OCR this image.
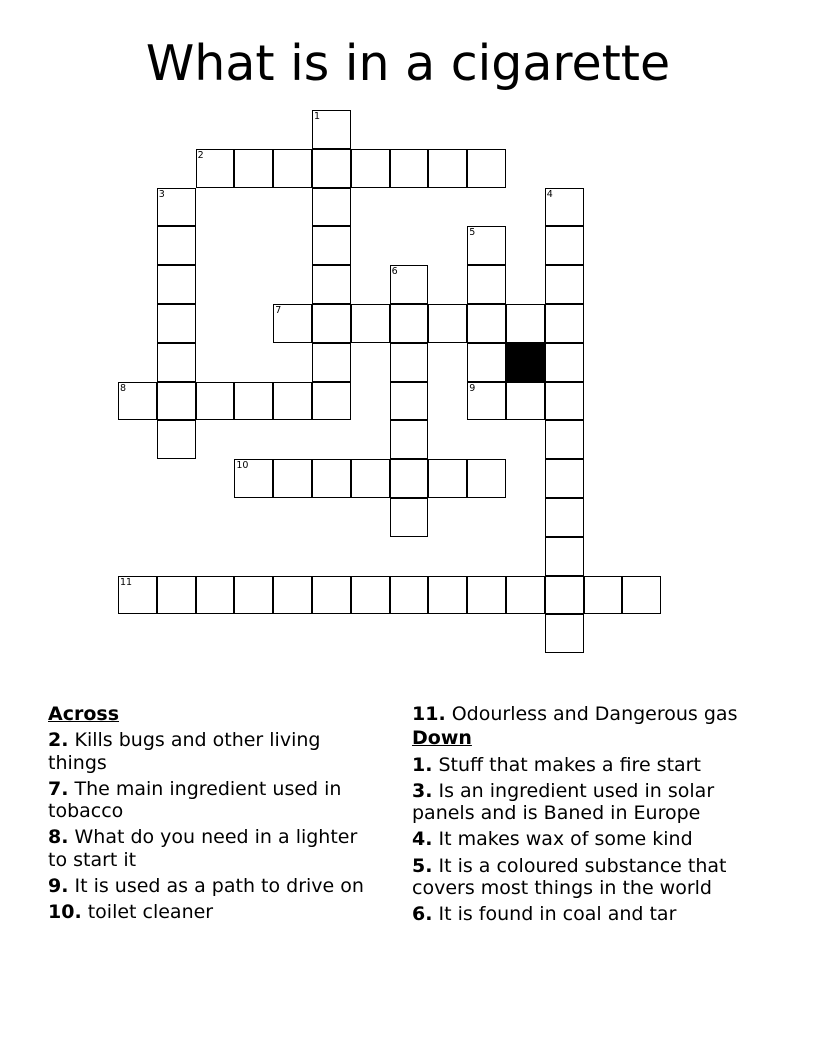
What is in a cigarette
1
2
3	4
5
6
7
8	9
10
11
Across
2. Kills bugs and other living things
7. The main ingredient used in tobacco
8. What do you need in a lighter to start it
9. It is used as a path to drive on
10. toilet cleaner
11. Odourless and Dangerous gas
Down
1. Stuff that makes a fire start
3. Is an ingredient used in solar panels and is Baned in Europe
4. It makes wax of some kind
5. It is a coloured substance that covers most things in the world
6. It is found in coal and tar
